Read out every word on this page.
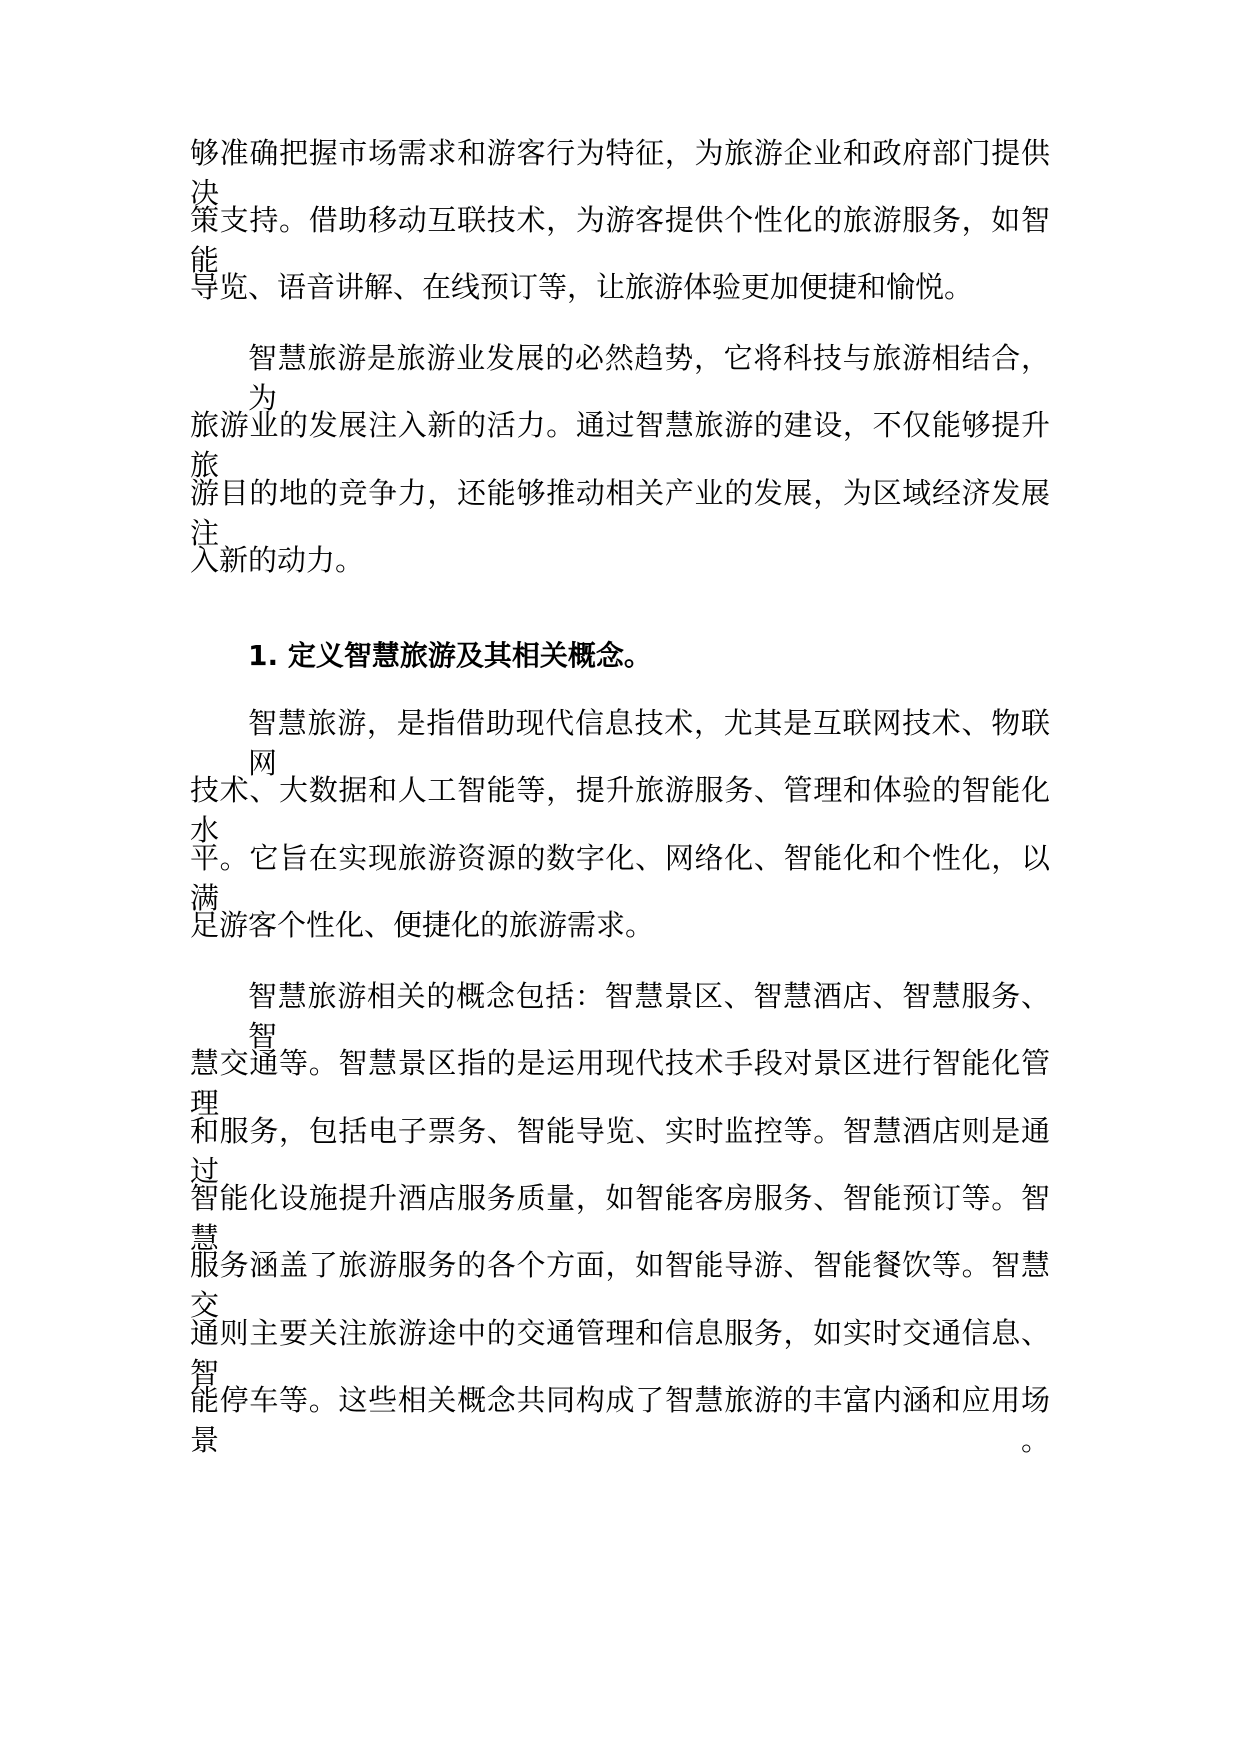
够准确把握市场需求和游客行为特征，为旅游企业和政府部门提供决
策支持。借助移动互联技术，为游客提供个性化的旅游服务，如智能
导览、语音讲解、在线预订等，让旅游体验更加便捷和愉悦。
智慧旅游是旅游业发展的必然趋势，它将科技与旅游相结合，为
旅游业的发展注入新的活力。通过智慧旅游的建设，不仅能够提升旅
游目的地的竞争力，还能够推动相关产业的发展，为区域经济发展注
入新的动力。
1. 定义智慧旅游及其相关概念。
智慧旅游，是指借助现代信息技术，尤其是互联网技术、物联网
技术、大数据和人工智能等，提升旅游服务、管理和体验的智能化水
平。它旨在实现旅游资源的数字化、网络化、智能化和个性化，以满
足游客个性化、便捷化的旅游需求。
智慧旅游相关的概念包括：智慧景区、智慧酒店、智慧服务、智
慧交通等。智慧景区指的是运用现代技术手段对景区进行智能化管理
和服务，包括电子票务、智能导览、实时监控等。智慧酒店则是通过
智能化设施提升酒店服务质量，如智能客房服务、智能预订等。智慧
服务涵盖了旅游服务的各个方面，如智能导游、智能餐饮等。智慧交
通则主要关注旅游途中的交通管理和信息服务，如实时交通信息、智
能停车等。这些相关概念共同构成了智慧旅游的丰富内涵和应用场景。
